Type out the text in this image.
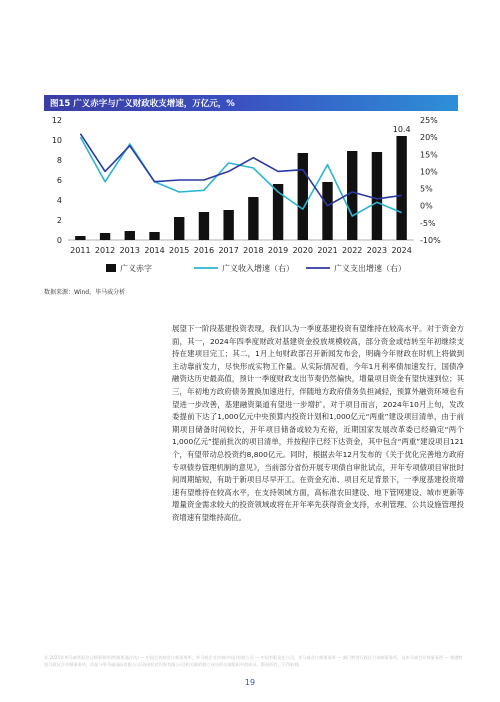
图15 广义赤字与广义财政收支增速，万亿元，%
0
2
4
6
8
10
12
-10%
-5%
0%
5%
10%
15%
20%
25%
2011 2012 2013 2014 2015 2016 2017 2018 2019 2020 2021 2022 2023 2024
10.4
广义赤字	广义收入增速（右）	广义支出增速（右）
数据来源：Wind，毕马威分析

展望下一阶段基建投资表现，我们认为一季度基建投资有望维持在较高水平。对于资金方面，其一，2024年四季度财政对基建资金投放规模较高，部分资金或结转至年初继续支持在建项目完工；其二，1月上旬财政部召开新闻发布会，明确今年财政在时机上将做到主动靠前发力，尽快形成实物工作量。从实际情况看，今年1月利率债加速发行，国债净融资达历史最高值，预计一季度财政支出节奏仍然偏快，增量项目资金有望快速到位；其三，年初地方政府债务置换加速进行，伴随地方政府债务负担减轻，预算外融资环境也有望进一步改善，基建融资渠道有望进一步增扩。对于项目而言，2024年10月上旬，发改委提前下达了1,000亿元中央预算内投资计划和1,000亿元“两重”建设项目清单，由于前期项目储备时间较长，开年项目储备或较为充裕，近期国家发展改革委已经确定“两个1,000亿元”提前批次的项目清单，并按程序已经下达资金，其中包含“两重”建设项目121个，有望带动总投资约8,800亿元。同时，根据去年12月发布的《关于优化完善地方政府专项债券管理机制的意见》，当前部分省份开展专项债自审批试点，开年专项债项目审批时间周期缩短，有助于新项目尽早开工。在资金充沛、项目充足背景下，一季度基建投资增速有望维持在较高水平，在支持领域方面，高标准农田建设、地下管网建设、城市更新等增量资金需求较大的投资领域或将在开年率先获得资金支持，水利管理、公共设施管理投资增速有望维持高位。

© 2025年毕马威华振会计师事务所(特殊普通合伙) — 中国合伙制会计师事务所，毕马威企业咨询(中国)有限公司 — 中国有限责任公司，毕马威会计师事务所 — 澳门特别行政区合伙制事务所，及毕马威会计师事务所 — 香港特别行政区合伙制事务所，均是与毕马威国际有限公司(英国私营担保有限公司)相关联的独立成员所全球组织中的成员。版权所有，不得转载。
19
